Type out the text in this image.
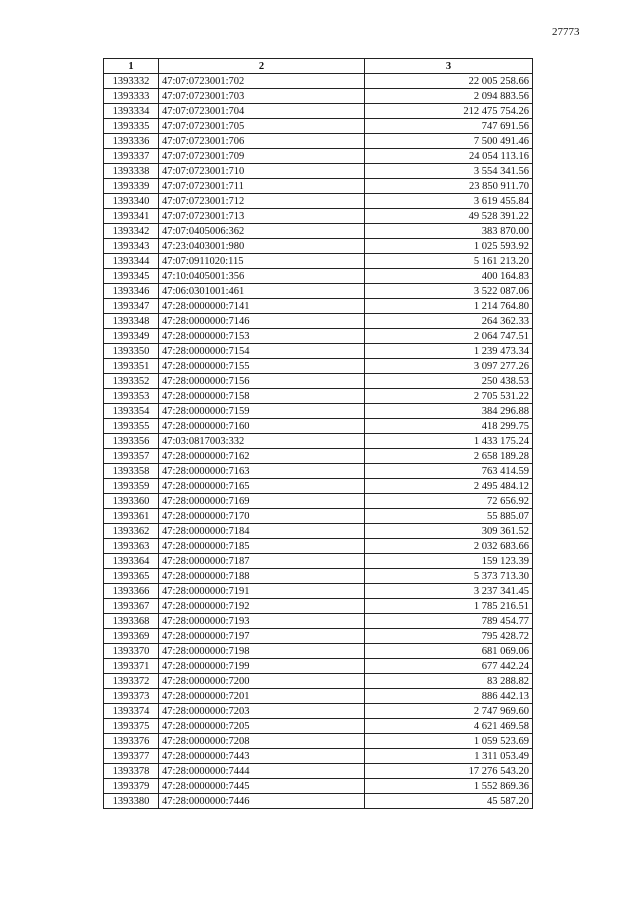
27773
1	2	3
1393332	47:07:0723001:702	22 005 258.66
1393333	47:07:0723001:703	2 094 883.56
1393334	47:07:0723001:704	212 475 754.26
1393335	47:07:0723001:705	747 691.56
1393336	47:07:0723001:706	7 500 491.46
1393337	47:07:0723001:709	24 054 113.16
1393338	47:07:0723001:710	3 554 341.56
1393339	47:07:0723001:711	23 850 911.70
1393340	47:07:0723001:712	3 619 455.84
1393341	47:07:0723001:713	49 528 391.22
1393342	47:07:0405006:362	383 870.00
1393343	47:23:0403001:980	1 025 593.92
1393344	47:07:0911020:115	5 161 213.20
1393345	47:10:0405001:356	400 164.83
1393346	47:06:0301001:461	3 522 087.06
1393347	47:28:0000000:7141	1 214 764.80
1393348	47:28:0000000:7146	264 362.33
1393349	47:28:0000000:7153	2 064 747.51
1393350	47:28:0000000:7154	1 239 473.34
1393351	47:28:0000000:7155	3 097 277.26
1393352	47:28:0000000:7156	250 438.53
1393353	47:28:0000000:7158	2 705 531.22
1393354	47:28:0000000:7159	384 296.88
1393355	47:28:0000000:7160	418 299.75
1393356	47:03:0817003:332	1 433 175.24
1393357	47:28:0000000:7162	2 658 189.28
1393358	47:28:0000000:7163	763 414.59
1393359	47:28:0000000:7165	2 495 484.12
1393360	47:28:0000000:7169	72 656.92
1393361	47:28:0000000:7170	55 885.07
1393362	47:28:0000000:7184	309 361.52
1393363	47:28:0000000:7185	2 032 683.66
1393364	47:28:0000000:7187	159 123.39
1393365	47:28:0000000:7188	5 373 713.30
1393366	47:28:0000000:7191	3 237 341.45
1393367	47:28:0000000:7192	1 785 216.51
1393368	47:28:0000000:7193	789 454.77
1393369	47:28:0000000:7197	795 428.72
1393370	47:28:0000000:7198	681 069.06
1393371	47:28:0000000:7199	677 442.24
1393372	47:28:0000000:7200	83 288.82
1393373	47:28:0000000:7201	886 442.13
1393374	47:28:0000000:7203	2 747 969.60
1393375	47:28:0000000:7205	4 621 469.58
1393376	47:28:0000000:7208	1 059 523.69
1393377	47:28:0000000:7443	1 311 053.49
1393378	47:28:0000000:7444	17 276 543.20
1393379	47:28:0000000:7445	1 552 869.36
1393380	47:28:0000000:7446	45 587.20
